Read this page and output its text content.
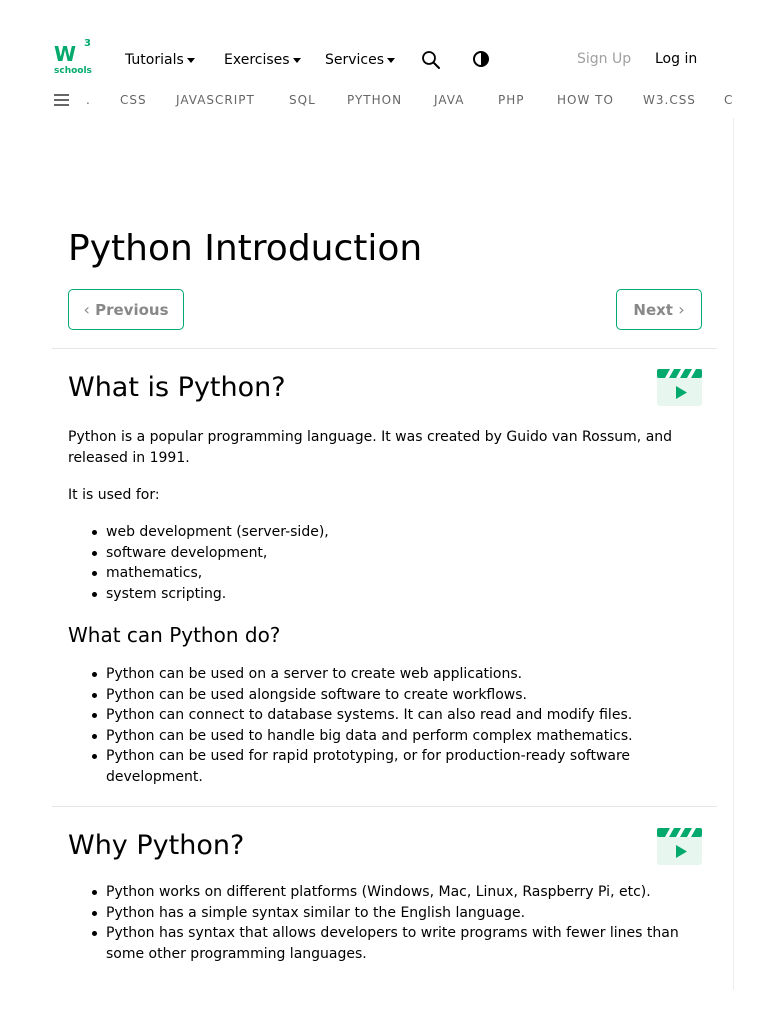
W 3
schools
Tutorials	Exercises	Services	Sign Up Log in
. CSS JAVASCRIPT	SQL	PYTHON	JAVA	PHP	HOW TO W3.CSS C
Python Introduction
‹
Previous	Next
›
What is Python?

Python is a popular programming language. It was created by Guido van Rossum, and released in 1991.

It is used for:

web development (server-side),
software development,
mathematics,
system scripting.
What can Python do?
Python can be used on a server to create web applications.
Python can be used alongside software to create workflows.
Python can connect to database systems. It can also read and modify files.
Python can be used to handle big data and perform complex mathematics.
Python can be used for rapid prototyping, or for production-ready software development.
Why Python?
Python works on different platforms (Windows, Mac, Linux, Raspberry Pi, etc).
Python has a simple syntax similar to the English language.
Python has syntax that allows developers to write programs with fewer lines than some other programming languages.
